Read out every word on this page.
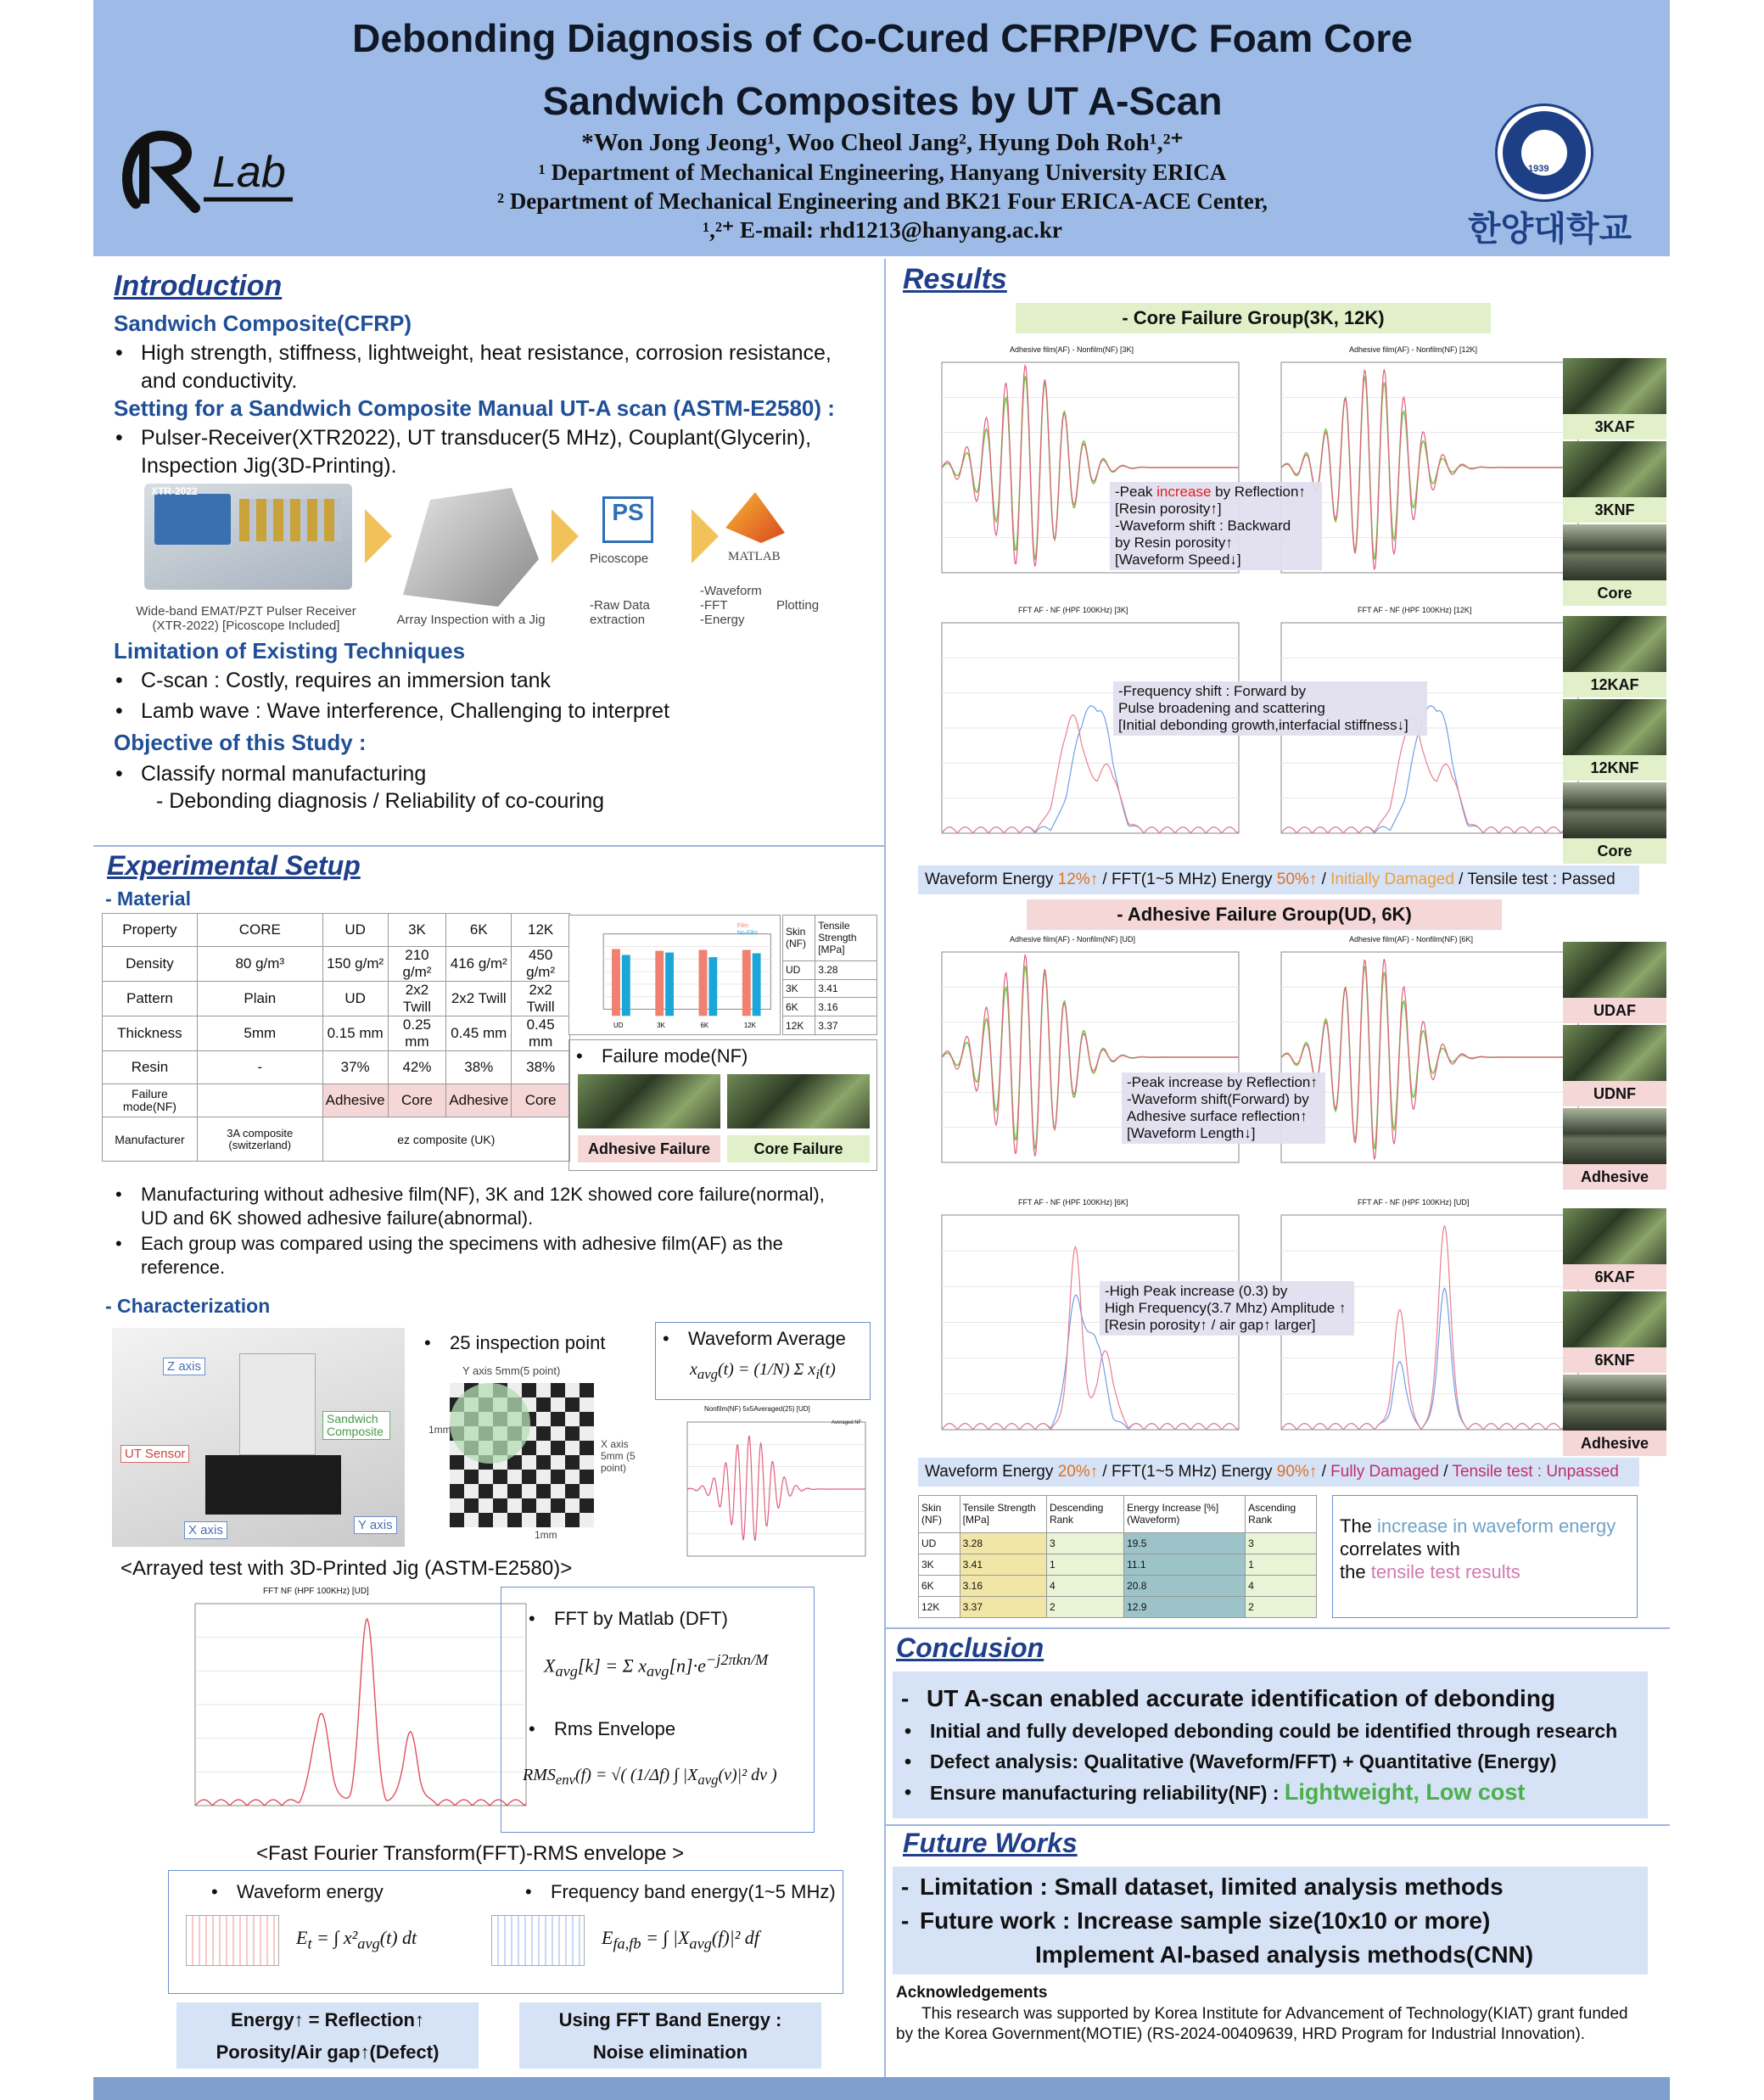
Debonding Diagnosis of Co-Cured CFRP/PVC Foam Core
Sandwich Composites by UT A-Scan
*Won Jong Jeong¹, Woo Cheol Jang², Hyung Doh Roh¹,²⁺
¹ Department of Mechanical Engineering, Hanyang University ERICA
² Department of Mechanical Engineering and BK21 Four ERICA-ACE Center,
¹,²⁺ E-mail: rhd1213@hanyang.ac.kr
Lab	1939
한양대학교
Introduction
Sandwich Composite(CFRP)
• High strength, stiffness, lightweight, heat resistance, corrosion resistance, and conductivity.
Setting for a Sandwich Composite Manual UT-A scan (ASTM-E2580) :
• Pulser-Receiver(XTR2022), UT transducer(5 MHz), Couplant(Glycerin), Inspection Jig(3D-Printing).
XTR-2022
Wide-band EMAT/PZT Pulser Receiver (XTR-2022) [Picoscope Included]	Array Inspection with a Jig
PS
Picoscope
-Raw Data extraction
MATLAB
-Waveform
-FFT
-Energy
Plotting
Limitation of Existing Techniques
• C-scan : Costly, requires an immersion tank
• Lamb wave : Wave interference, Challenging to interpret
Objective of this Study :
• Classify normal manufacturing
- Debonding diagnosis / Reliability of co-couring
Experimental Setup
- Material
Property	CORE	UD	3K	6K	12K
Density	80 g/m³	150 g/m²	210 g/m²	416 g/m²	450 g/m²
Pattern	Plain	UD	2x2 Twill	2x2 Twill	2x2 Twill
Thickness	5mm	0.15 mm	0.25 mm	0.45 mm	0.45 mm
Resin	-	37%	42%	38%	38%
Failure mode(NF)		Adhesive	Core	Adhesive	Core
Manufacturer	3A composite (switzerland)	ez composite (UK)			
UD	3K	6K	12K
Film
No-Film	Skin (NF)	Tensile Strength [MPa]
UD	3.28
3K	3.41
6K	3.16
12K	3.37
• Failure mode(NF)
Adhesive Failure	Core Failure
• Manufacturing without adhesive film(NF), 3K and 12K showed core failure(normal), UD and 6K showed adhesive failure(abnormal).
• Each group was compared using the specimens with adhesive film(AF) as the reference.
- Characterization
Z axis
UT Sensor
Sandwich Composite
X axis	Y axis
• 25 inspection point
Y axis 5mm(5 point)
1mm
X axis 5mm (5 point)
1mm
• Waveform Average
$x_{avg}(t) = (1/N)$ Σ $x_i(t)$
Nonfilm(NF) 5x5Averaged(25) [UD]
Averaged NF
<Arrayed test with 3D-Printed Jig (ASTM-E2580)>
FFT NF (HPF 100KHz) [UD]
• FFT by Matlab (DFT)
$X_{avg}[k] = \Sigma$ $x_{avg}[n]\cdot e^{-j2\pi kn/M}$
• Rms Envelope
$RMS_{env}(f)$ = √( (1/Δf) ∫ $|X_{avg}(\nu)|^2$ dν )
<Fast Fourier Transform(FFT)-RMS envelope >
• Waveform energy	• Frequency band energy(1~5 MHz)
$E_t$ = ∫ $x^2_{avg}(t)$ dt	$E_{fa,fb}$ = ∫ $|X_{avg}(f)|^2$ df
Energy↑ = Reflection↑
Porosity/Air gap↑(Defect)
Using FFT Band Energy :
Noise elimination
Results
- Core Failure Group(3K, 12K)
Adhesive film(AF) - Nonfilm(NF) [3K]	Adhesive film(AF) - Nonfilm(NF) [12K]
FFT AF - NF (HPF 100KHz) [3K]	FFT AF - NF (HPF 100KHz) [12K]
-Peak increase by Reflection↑
[Resin porosity↑]
-Waveform shift : Backward
by Resin porosity↑
[Waveform Speed↓]
-Frequency shift : Forward by
Pulse broadening and scattering
[Initial debonding growth,interfacial stiffness↓]
3KAF
3KNF
Core
12KAF
12KNF
Core
Waveform Energy 12%↑ / FFT(1~5 MHz) Energy 50%↑ / Initially Damaged / Tensile test : Passed
- Adhesive Failure Group(UD, 6K)
Adhesive film(AF) - Nonfilm(NF) [UD]	Adhesive film(AF) - Nonfilm(NF) [6K]
FFT AF - NF (HPF 100KHz) [6K]	FFT AF - NF (HPF 100KHz) [UD]
-Peak increase by Reflection↑
-Waveform shift(Forward) by
Adhesive surface reflection↑
[Waveform Length↓]
-High Peak increase (0.3) by
High Frequency(3.7 Mhz) Amplitude ↑
[Resin porosity↑ / air gap↑ larger]
UDAF
UDNF
Adhesive
6KAF
6KNF
Adhesive
Waveform Energy 20%↑ / FFT(1~5 MHz) Energy 90%↑ / Fully Damaged / Tensile test : Unpassed
Skin (NF)	Tensile Strength [MPa]	Descending Rank	Energy Increase [%] (Waveform)	Ascending Rank
UD	3.28	3	19.5	3
3K	3.41	1	11.1	1
6K	3.16	4	20.8	4
12K	3.37	2	12.9	2
The increase in waveform energy
correlates with
the tensile test results
Conclusion
- UT A-scan enabled accurate identification of debonding
• Initial and fully developed debonding could be identified through research
• Defect analysis: Qualitative (Waveform/FFT) + Quantitative (Energy)
• Ensure manufacturing reliability(NF) : Lightweight, Low cost
Future Works
- Limitation : Small dataset, limited analysis methods
- Future work : Increase sample size(10x10 or more)
Implement AI-based analysis methods(CNN)
Acknowledgements
This research was supported by Korea Institute for Advancement of Technology(KIAT) grant funded by the Korea Government(MOTIE) (RS-2024-00409639, HRD Program for Industrial Innovation).
